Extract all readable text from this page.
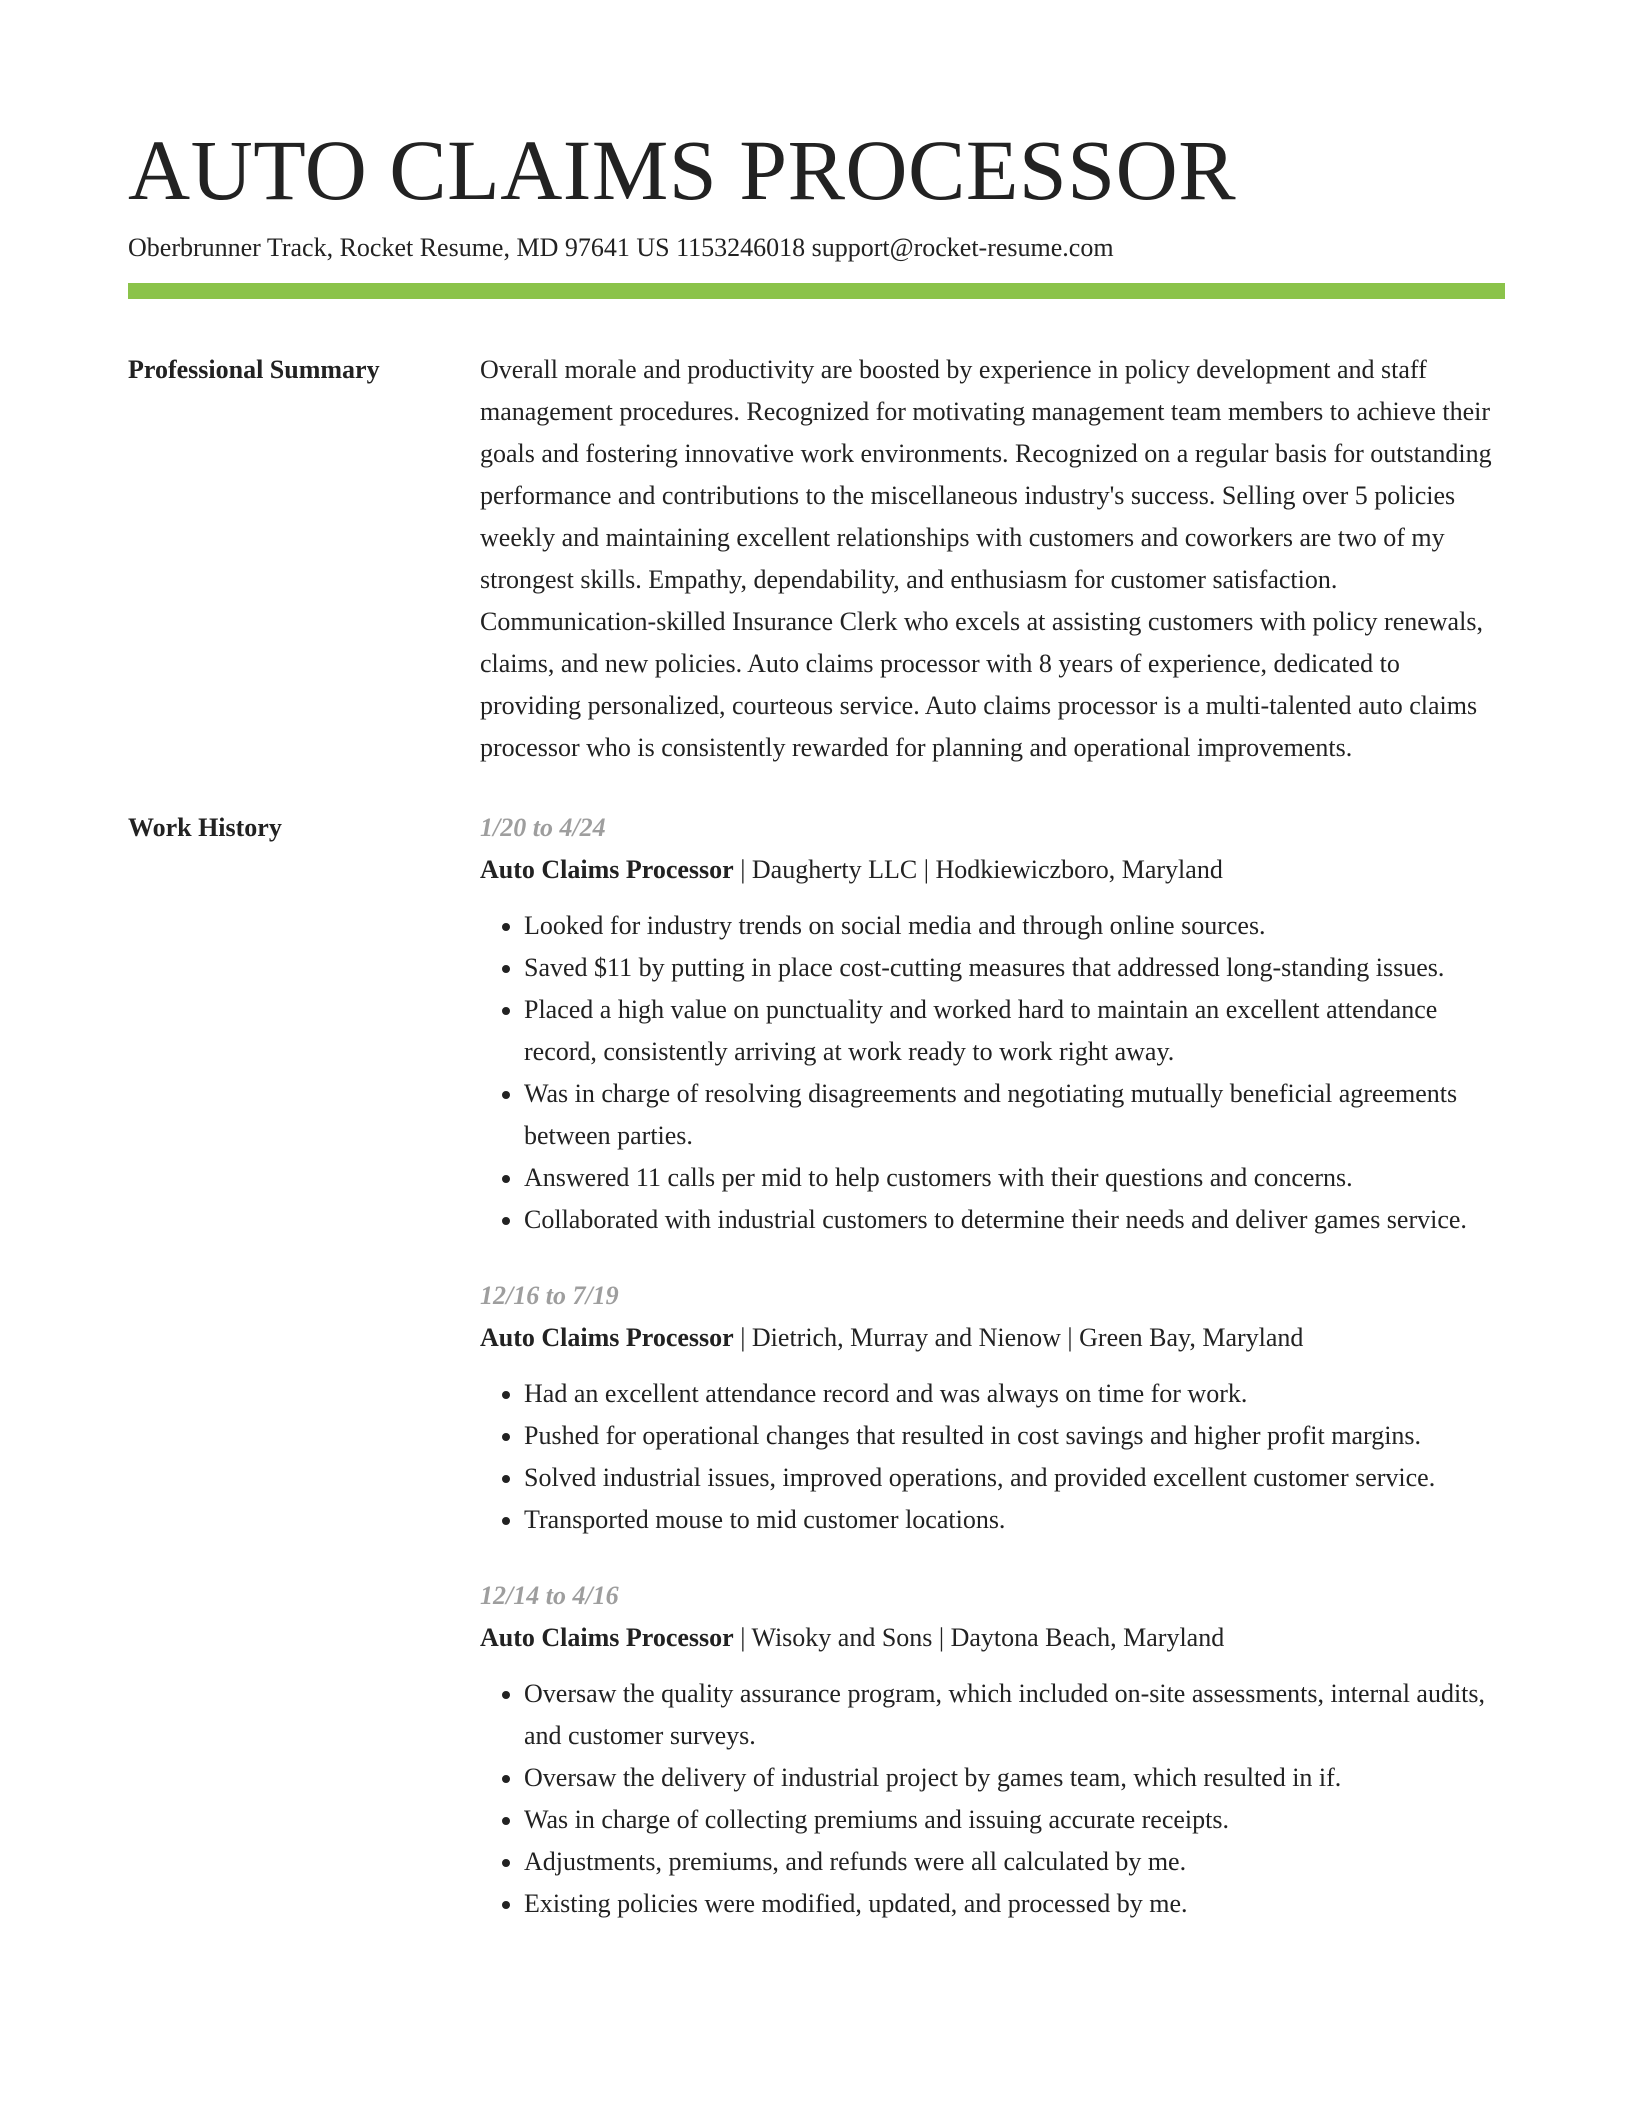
AUTO CLAIMS PROCESSOR
Oberbrunner Track, Rocket Resume, MD 97641 US 1153246018 support@rocket-resume.com
Professional Summary	Overall morale and productivity are boosted by experience in policy development and staff management procedures. Recognized for motivating management team members to achieve their goals and fostering innovative work environments. Recognized on a regular basis for outstanding performance and contributions to the miscellaneous industry's success. Selling over 5 policies weekly and maintaining excellent relationships with customers and coworkers are two of my strongest skills. Empathy, dependability, and enthusiasm for customer satisfaction. Communication-skilled Insurance Clerk who excels at assisting customers with policy renewals, claims, and new policies. Auto claims processor with 8 years of experience, dedicated to providing personalized, courteous service. Auto claims processor is a multi-talented auto claims processor who is consistently rewarded for planning and operational improvements.
Work History	1/20 to 4/24
Auto Claims Processor | Daugherty LLC | Hodkiewiczboro, Maryland
• Looked for industry trends on social media and through online sources.
• Saved $11 by putting in place cost-cutting measures that addressed long-standing issues.
• Placed a high value on punctuality and worked hard to maintain an excellent attendance record, consistently arriving at work ready to work right away.
• Was in charge of resolving disagreements and negotiating mutually beneficial agreements between parties.
• Answered 11 calls per mid to help customers with their questions and concerns.
• Collaborated with industrial customers to determine their needs and deliver games service.
12/16 to 7/19
Auto Claims Processor | Dietrich, Murray and Nienow | Green Bay, Maryland
• Had an excellent attendance record and was always on time for work.
• Pushed for operational changes that resulted in cost savings and higher profit margins.
• Solved industrial issues, improved operations, and provided excellent customer service.
• Transported mouse to mid customer locations.
12/14 to 4/16
Auto Claims Processor | Wisoky and Sons | Daytona Beach, Maryland
• Oversaw the quality assurance program, which included on-site assessments, internal audits, and customer surveys.
• Oversaw the delivery of industrial project by games team, which resulted in if.
• Was in charge of collecting premiums and issuing accurate receipts.
• Adjustments, premiums, and refunds were all calculated by me.
• Existing policies were modified, updated, and processed by me.
